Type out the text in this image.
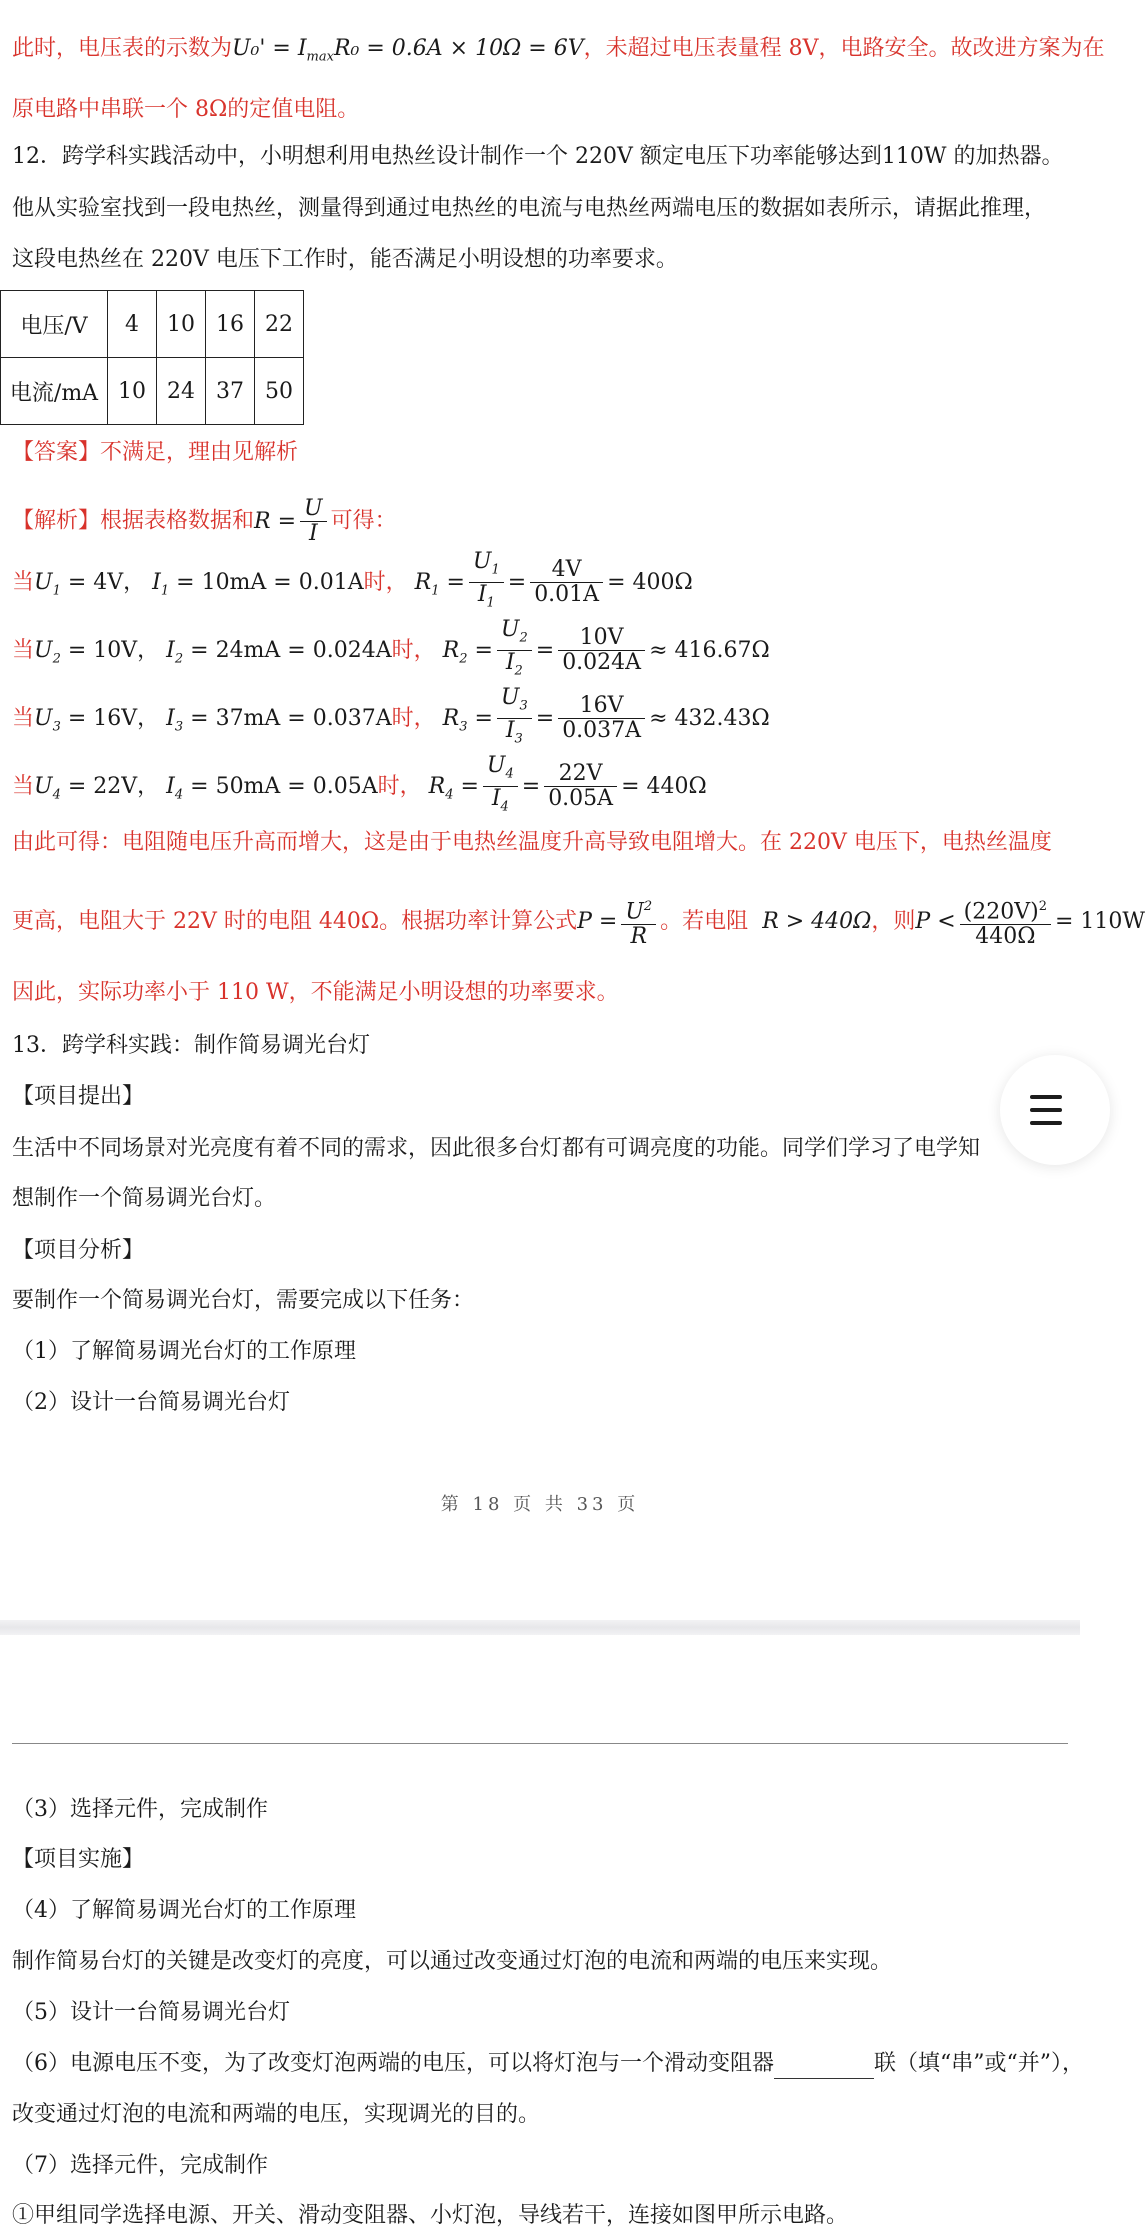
此时，电压表的示数为$U_0' = I_{max}R_0 = 0.6A \times 10\Omega = 6V$，未超过电压表量程 8V，电路安全。故改进方案为在
原电路中串联一个 8Ω的定值电阻。
12．跨学科实践活动中，小明想利用电热丝设计制作一个 220V 额定电压下功率能够达到110W 的加热器。
他从实验室找到一段电热丝，测量得到通过电热丝的电流与电热丝两端电压的数据如表所示，请据此推理，
这段电热丝在 220V 电压下工作时，能否满足小明设想的功率要求。
电压/V	4	10	16	22
电流/mA	10	24	37	50
【答案】不满足，理由见解析
【解析】根据表格数据和$R = \frac{U}{I}$ 可得：
当$U_1 = 4V$， $I_1 = 10mA = 0.01A$时， $R_1 = \frac{U_1}{I_1} = \frac{4V}{0.01A} = 400\Omega$
当$U_2 = 10V$， $I_2 = 24mA = 0.024A$时， $R_2 = \frac{U_2}{I_2} = \frac{10V}{0.024A} \approx 416.67\Omega$
当$U_3 = 16V$， $I_3 = 37mA = 0.037A$时， $R_3 = \frac{U_3}{I_3} = \frac{16V}{0.037A} \approx 432.43\Omega$
当$U_4 = 22V$， $I_4 = 50mA = 0.05A$时， $R_4 = \frac{U_4}{I_4} = \frac{22V}{0.05A} = 440\Omega$
由此可得：电阻随电压升高而增大，这是由于电热丝温度升高导致电阻增大。在 220V 电压下，电热丝温度
更高，电阻大于 22V 时的电阻 440Ω。根据功率计算公式$P = \frac{U^2}{R}$ 。若电阻 R > 440Ω，则$P < \frac{(220V)^2}{440\Omega} = 110W$
因此，实际功率小于 110 W，不能满足小明设想的功率要求。
13．跨学科实践：制作简易调光台灯
【项目提出】
生活中不同场景对光亮度有着不同的需求，因此很多台灯都有可调亮度的功能。同学们学习了电学知
想制作一个简易调光台灯。
【项目分析】
要制作一个简易调光台灯，需要完成以下任务：
（1）了解简易调光台灯的工作原理
（2）设计一台简易调光台灯
第 18 页 共 33 页
（3）选择元件，完成制作
【项目实施】
（4）了解简易调光台灯的工作原理
制作简易台灯的关键是改变灯的亮度，可以通过改变通过灯泡的电流和两端的电压来实现。
（5）设计一台简易调光台灯
（6）电源电压不变，为了改变灯泡两端的电压，可以将灯泡与一个滑动变阻器	联（填“串”或“并”），
改变通过灯泡的电流和两端的电压，实现调光的目的。
（7）选择元件，完成制作
①甲组同学选择电源、开关、滑动变阻器、小灯泡，导线若干，连接如图甲所示电路。
